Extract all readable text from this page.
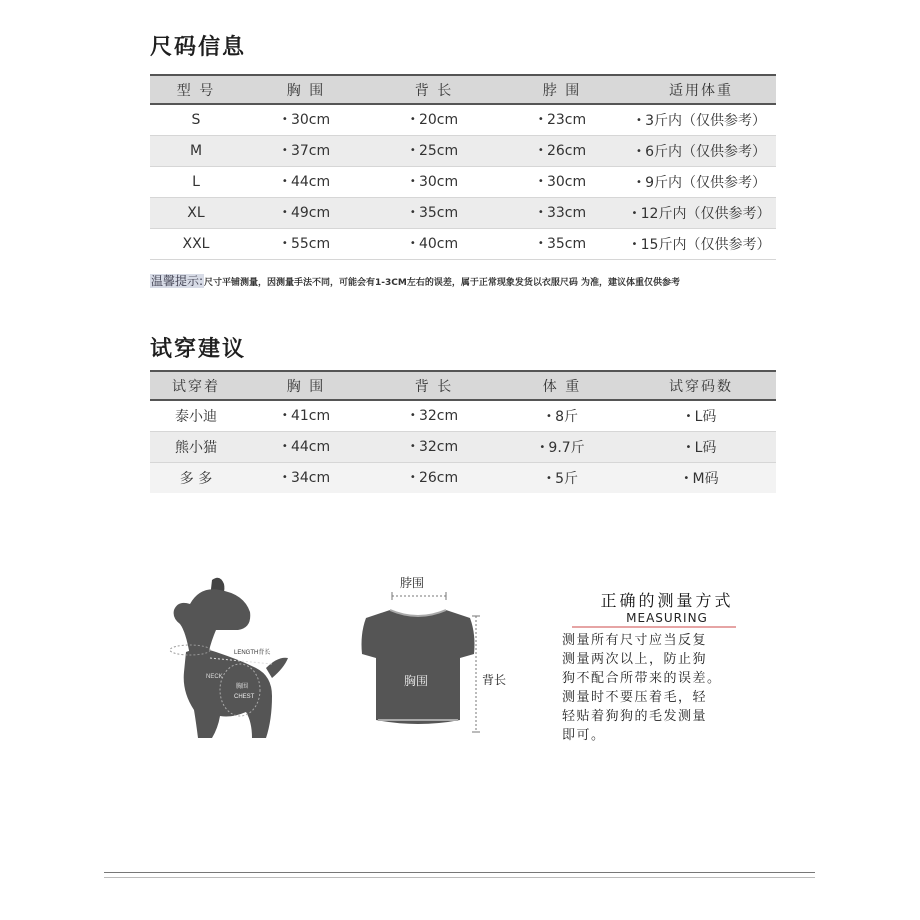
尺码信息
型 号	胸 围	背 长	脖 围	适用体重
S	• 30cm	• 20cm	• 23cm	• 3斤内（仅供参考）
M	• 37cm	• 25cm	• 26cm	• 6斤内（仅供参考）
L	• 44cm	• 30cm	• 30cm	• 9斤内（仅供参考）
XL	• 49cm	• 35cm	• 33cm	• 12斤内（仅供参考）
XXL	• 55cm	• 40cm	• 35cm	• 15斤内（仅供参考）
温馨提示:尺寸平铺测量，因测量手法不同，可能会有1-3CM左右的误差，属于正常现象发货以衣服尺码 为准，建议体重仅供参考
试穿建议
试穿着	胸 围	背 长	体 重	试穿码数
泰小迪	• 41cm	• 32cm	• 8斤	• L码
熊小猫	• 44cm	• 32cm	• 9.7斤	• L码
多 多	• 34cm	• 26cm	• 5斤	• M码
LENGTH背长
NECK
胸围
CHEST
脖围
胸围	背长
正确的测量方式
MEASURING
测量所有尺寸应当反复
测量两次以上，防止狗
狗不配合所带来的误差。
测量时不要压着毛，轻
轻贴着狗狗的毛发测量
即可。
